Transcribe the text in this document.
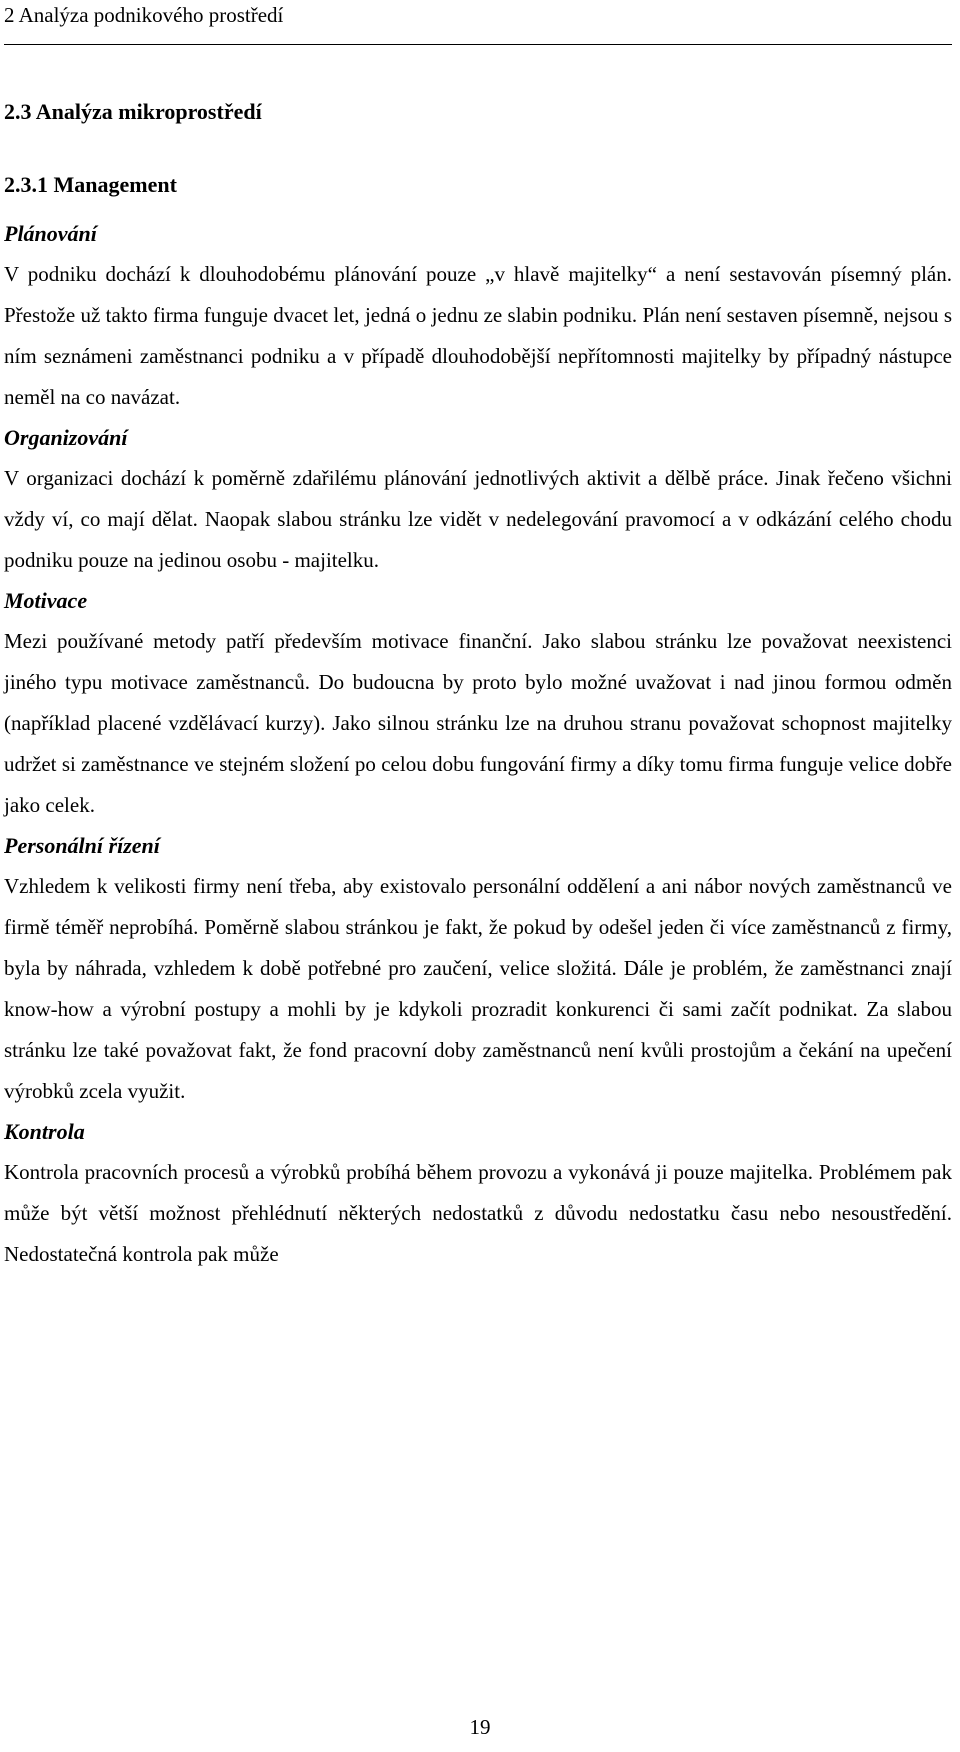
2 Analýza podnikového prostředí
2.3 Analýza mikroprostředí
2.3.1 Management
Plánování

V podniku dochází k dlouhodobému plánování pouze „v hlavě majitelky“ a není sestavován písemný plán. Přestože už takto firma funguje dvacet let, jedná o jednu ze slabin podniku. Plán není sestaven písemně, nejsou s ním seznámeni zaměstnanci podniku a v případě dlouhodobější nepřítomnosti majitelky by případný nástupce neměl na co navázat.

Organizování

V organizaci dochází k poměrně zdařilému plánování jednotlivých aktivit a dělbě práce. Jinak řečeno všichni vždy ví, co mají dělat. Naopak slabou stránku lze vidět v nedelegování pravomocí a v odkázání celého chodu podniku pouze na jedinou osobu - majitelku.

Motivace

Mezi používané metody patří především motivace finanční. Jako slabou stránku lze považovat neexistenci jiného typu motivace zaměstnanců. Do budoucna by proto bylo možné uvažovat i nad jinou formou odměn (například placené vzdělávací kurzy). Jako silnou stránku lze na druhou stranu považovat schopnost majitelky udržet si zaměstnance ve stejném složení po celou dobu fungování firmy a díky tomu firma funguje velice dobře jako celek.

Personální řízení

Vzhledem k velikosti firmy není třeba, aby existovalo personální oddělení a ani nábor nových zaměstnanců ve firmě téměř neprobíhá. Poměrně slabou stránkou je fakt, že pokud by odešel jeden či více zaměstnanců z firmy, byla by náhrada, vzhledem k době potřebné pro zaučení, velice složitá. Dále je problém, že zaměstnanci znají know-how a výrobní postupy a mohli by je kdykoli prozradit konkurenci či sami začít podnikat. Za slabou stránku lze také považovat fakt, že fond pracovní doby zaměstnanců není kvůli prostojům a čekání na upečení výrobků zcela využit.

Kontrola

Kontrola pracovních procesů a výrobků probíhá během provozu a vykonává ji pouze majitelka. Problémem pak může být větší možnost přehlédnutí některých nedostatků z důvodu nedostatku času nebo nesoustředění. Nedostatečná kontrola pak může

19
